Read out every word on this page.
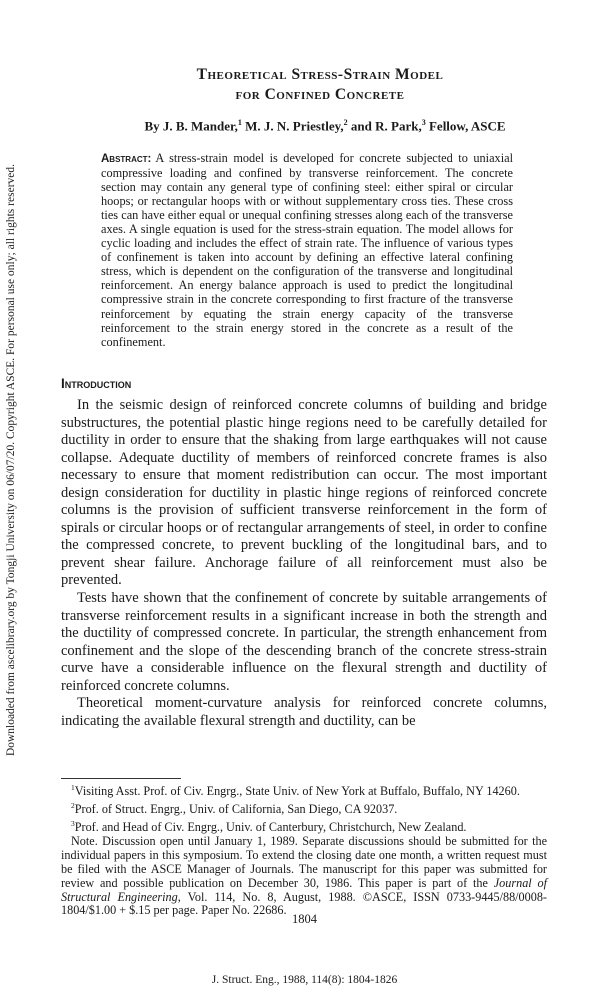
Downloaded from ascelibrary.org by Tongji University on 06/07/20. Copyright ASCE. For personal use only; all rights reserved.
Theoretical Stress-Strain Model
for Confined Concrete
By J. B. Mander,$^1$ M. J. N. Priestley,$^2$ and R. Park,$^3$ Fellow, ASCE
Abstract: A stress-strain model is developed for concrete subjected to uniaxial compressive loading and confined by transverse reinforcement. The concrete section may contain any general type of confining steel: either spiral or circular hoops; or rectangular hoops with or without supplementary cross ties. These cross ties can have either equal or unequal confining stresses along each of the transverse axes. A single equation is used for the stress-strain equation. The model allows for cyclic loading and includes the effect of strain rate. The influence of various types of confinement is taken into account by defining an effective lateral confining stress, which is dependent on the configuration of the transverse and longitudinal reinforcement. An energy balance approach is used to predict the longitudinal compressive strain in the concrete corresponding to first fracture of the transverse reinforcement by equating the strain energy capacity of the transverse reinforcement to the strain energy stored in the concrete as a result of the confinement.
Introduction

In the seismic design of reinforced concrete columns of building and bridge substructures, the potential plastic hinge regions need to be carefully detailed for ductility in order to ensure that the shaking from large earthquakes will not cause collapse. Adequate ductility of members of reinforced concrete frames is also necessary to ensure that moment redistribution can occur. The most important design consideration for ductility in plastic hinge regions of reinforced concrete columns is the provision of sufficient transverse reinforcement in the form of spirals or circular hoops or of rectangular arrangements of steel, in order to confine the compressed concrete, to prevent buckling of the longitudinal bars, and to prevent shear failure. Anchorage failure of all reinforcement must also be prevented.

Tests have shown that the confinement of concrete by suitable arrangements of transverse reinforcement results in a significant increase in both the strength and the ductility of compressed concrete. In particular, the strength enhancement from confinement and the slope of the descending branch of the concrete stress-strain curve have a considerable influence on the flexural strength and ductility of reinforced concrete columns.

Theoretical moment-curvature analysis for reinforced concrete columns, indicating the available flexural strength and ductility, can be

$^1$Visiting Asst. Prof. of Civ. Engrg., State Univ. of New York at Buffalo, Buffalo, NY 14260.

$^2$Prof. of Struct. Engrg., Univ. of California, San Diego, CA 92037.

$^3$Prof. and Head of Civ. Engrg., Univ. of Canterbury, Christchurch, New Zealand.

Note. Discussion open until January 1, 1989. Separate discussions should be submitted for the individual papers in this symposium. To extend the closing date one month, a written request must be filed with the ASCE Manager of Journals. The manuscript for this paper was submitted for review and possible publication on December 30, 1986. This paper is part of the Journal of Structural Engineering, Vol. 114, No. 8, August, 1988. ©ASCE, ISSN 0733-9445/88/0008-1804/$1.00 + $.15 per page. Paper No. 22686.

1804
J. Struct. Eng., 1988, 114(8): 1804-1826
